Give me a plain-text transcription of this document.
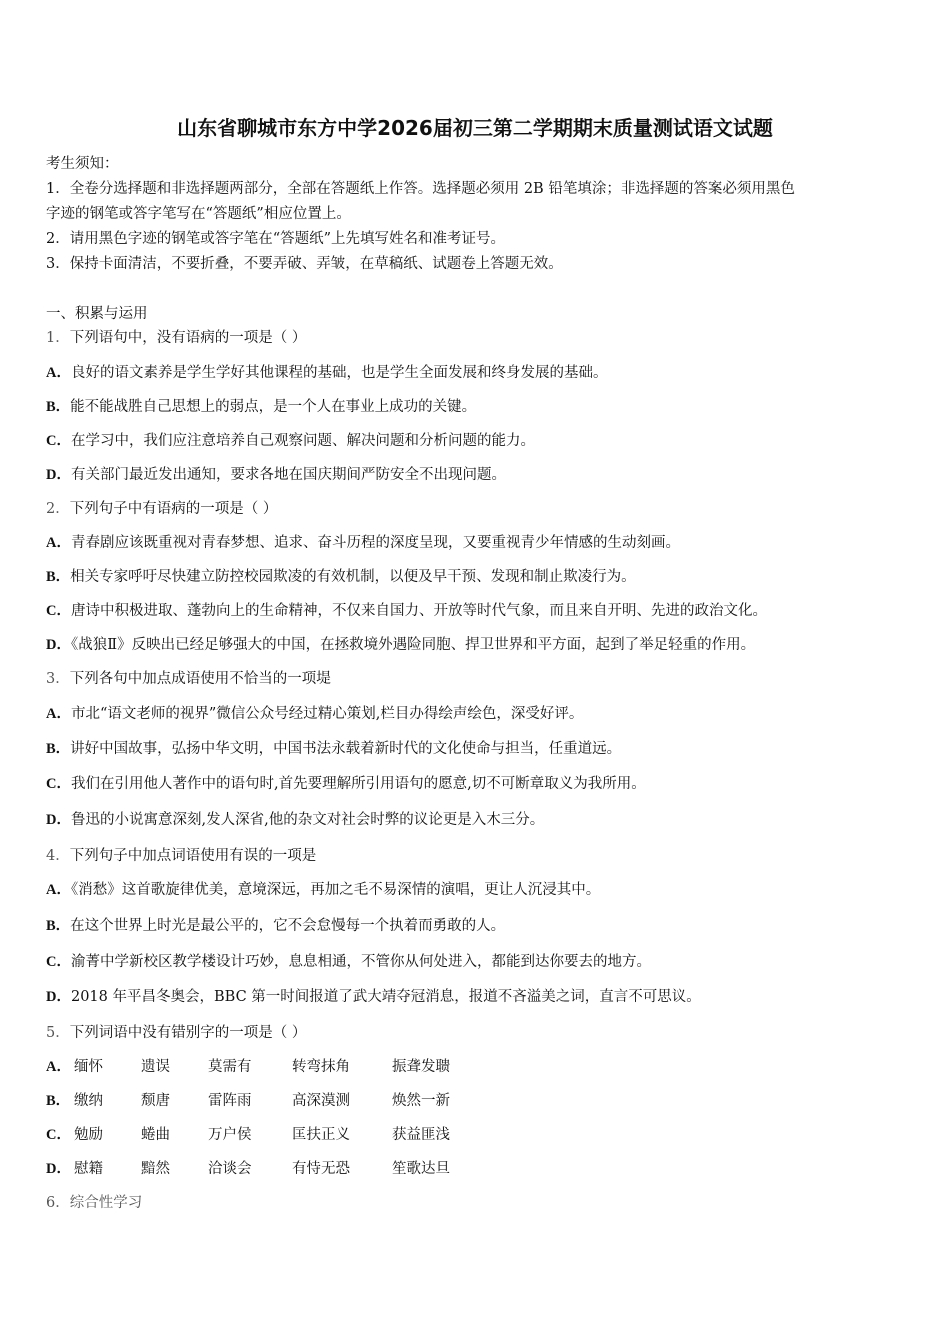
山东省聊城市东方中学2026届初三第二学期期末质量测试语文试题
考生须知：
1．全卷分选择题和非选择题两部分，全部在答题纸上作答。选择题必须用 2B 铅笔填涂；非选择题的答案必须用黑色
字迹的钢笔或答字笔写在“答题纸”相应位置上。
2．请用黑色字迹的钢笔或答字笔在“答题纸”上先填写姓名和准考证号。
3．保持卡面清洁，不要折叠，不要弄破、弄皱，在草稿纸、试题卷上答题无效。
一、积累与运用
1．下列语句中，没有语病的一项是（ ）
A．良好的语文素养是学生学好其他课程的基础，也是学生全面发展和终身发展的基础。
B．能不能战胜自己思想上的弱点，是一个人在事业上成功的关键。
C．在学习中，我们应注意培养自己观察问题、解决问题和分析问题的能力。
D．有关部门最近发出通知，要求各地在国庆期间严防安全不出现问题。
2．下列句子中有语病的一项是（ ）
A．青春剧应该既重视对青春梦想、追求、奋斗历程的深度呈现，又要重视青少年情感的生动刻画。
B．相关专家呼吁尽快建立防控校园欺凌的有效机制，以便及早干预、发现和制止欺凌行为。
C．唐诗中积极进取、蓬勃向上的生命精神，不仅来自国力、开放等时代气象，而且来自开明、先进的政治文化。
D．《战狼Ⅱ》反映出已经足够强大的中国，在拯救境外遇险同胞、捍卫世界和平方面，起到了举足轻重的作用。
3．下列各句中加点成语使用不恰当的一项堤
A．市北“语文老师的视界”微信公众号经过精心策划,栏目办得绘声绘色，深受好评。
B．讲好中国故事，弘扬中华文明，中国书法永载着新时代的文化使命与担当，任重道远。
C．我们在引用他人著作中的语句时,首先要理解所引用语句的愿意,切不可断章取义为我所用。
D．鲁迅的小说寓意深刻,发人深省,他的杂文对社会时弊的议论更是入木三分。
4．下列句子中加点词语使用有误的一项是
A．《消愁》这首歌旋律优美，意境深远，再加之毛不易深情的演唱，更让人沉浸其中。
B．在这个世界上时光是最公平的，它不会怠慢每一个执着而勇敢的人。
C．渝菁中学新校区教学楼设计巧妙，息息相通，不管你从何处进入，都能到达你要去的地方。
D．2018 年平昌冬奥会，BBC 第一时间报道了武大靖夺冠消息，报道不吝溢美之词，直言不可思议。
5．下列词语中没有错别字的一项是（ ）
A． 缅怀	遗误	莫需有	转弯抹角	振聋发聩
B． 缴纳	颓唐	雷阵雨	高深漠测	焕然一新
C． 勉励	蜷曲	万户侯	匡扶正义	获益匪浅
D． 慰籍	黯然	洽谈会	有恃无恐	笙歌达旦
6．综合性学习
